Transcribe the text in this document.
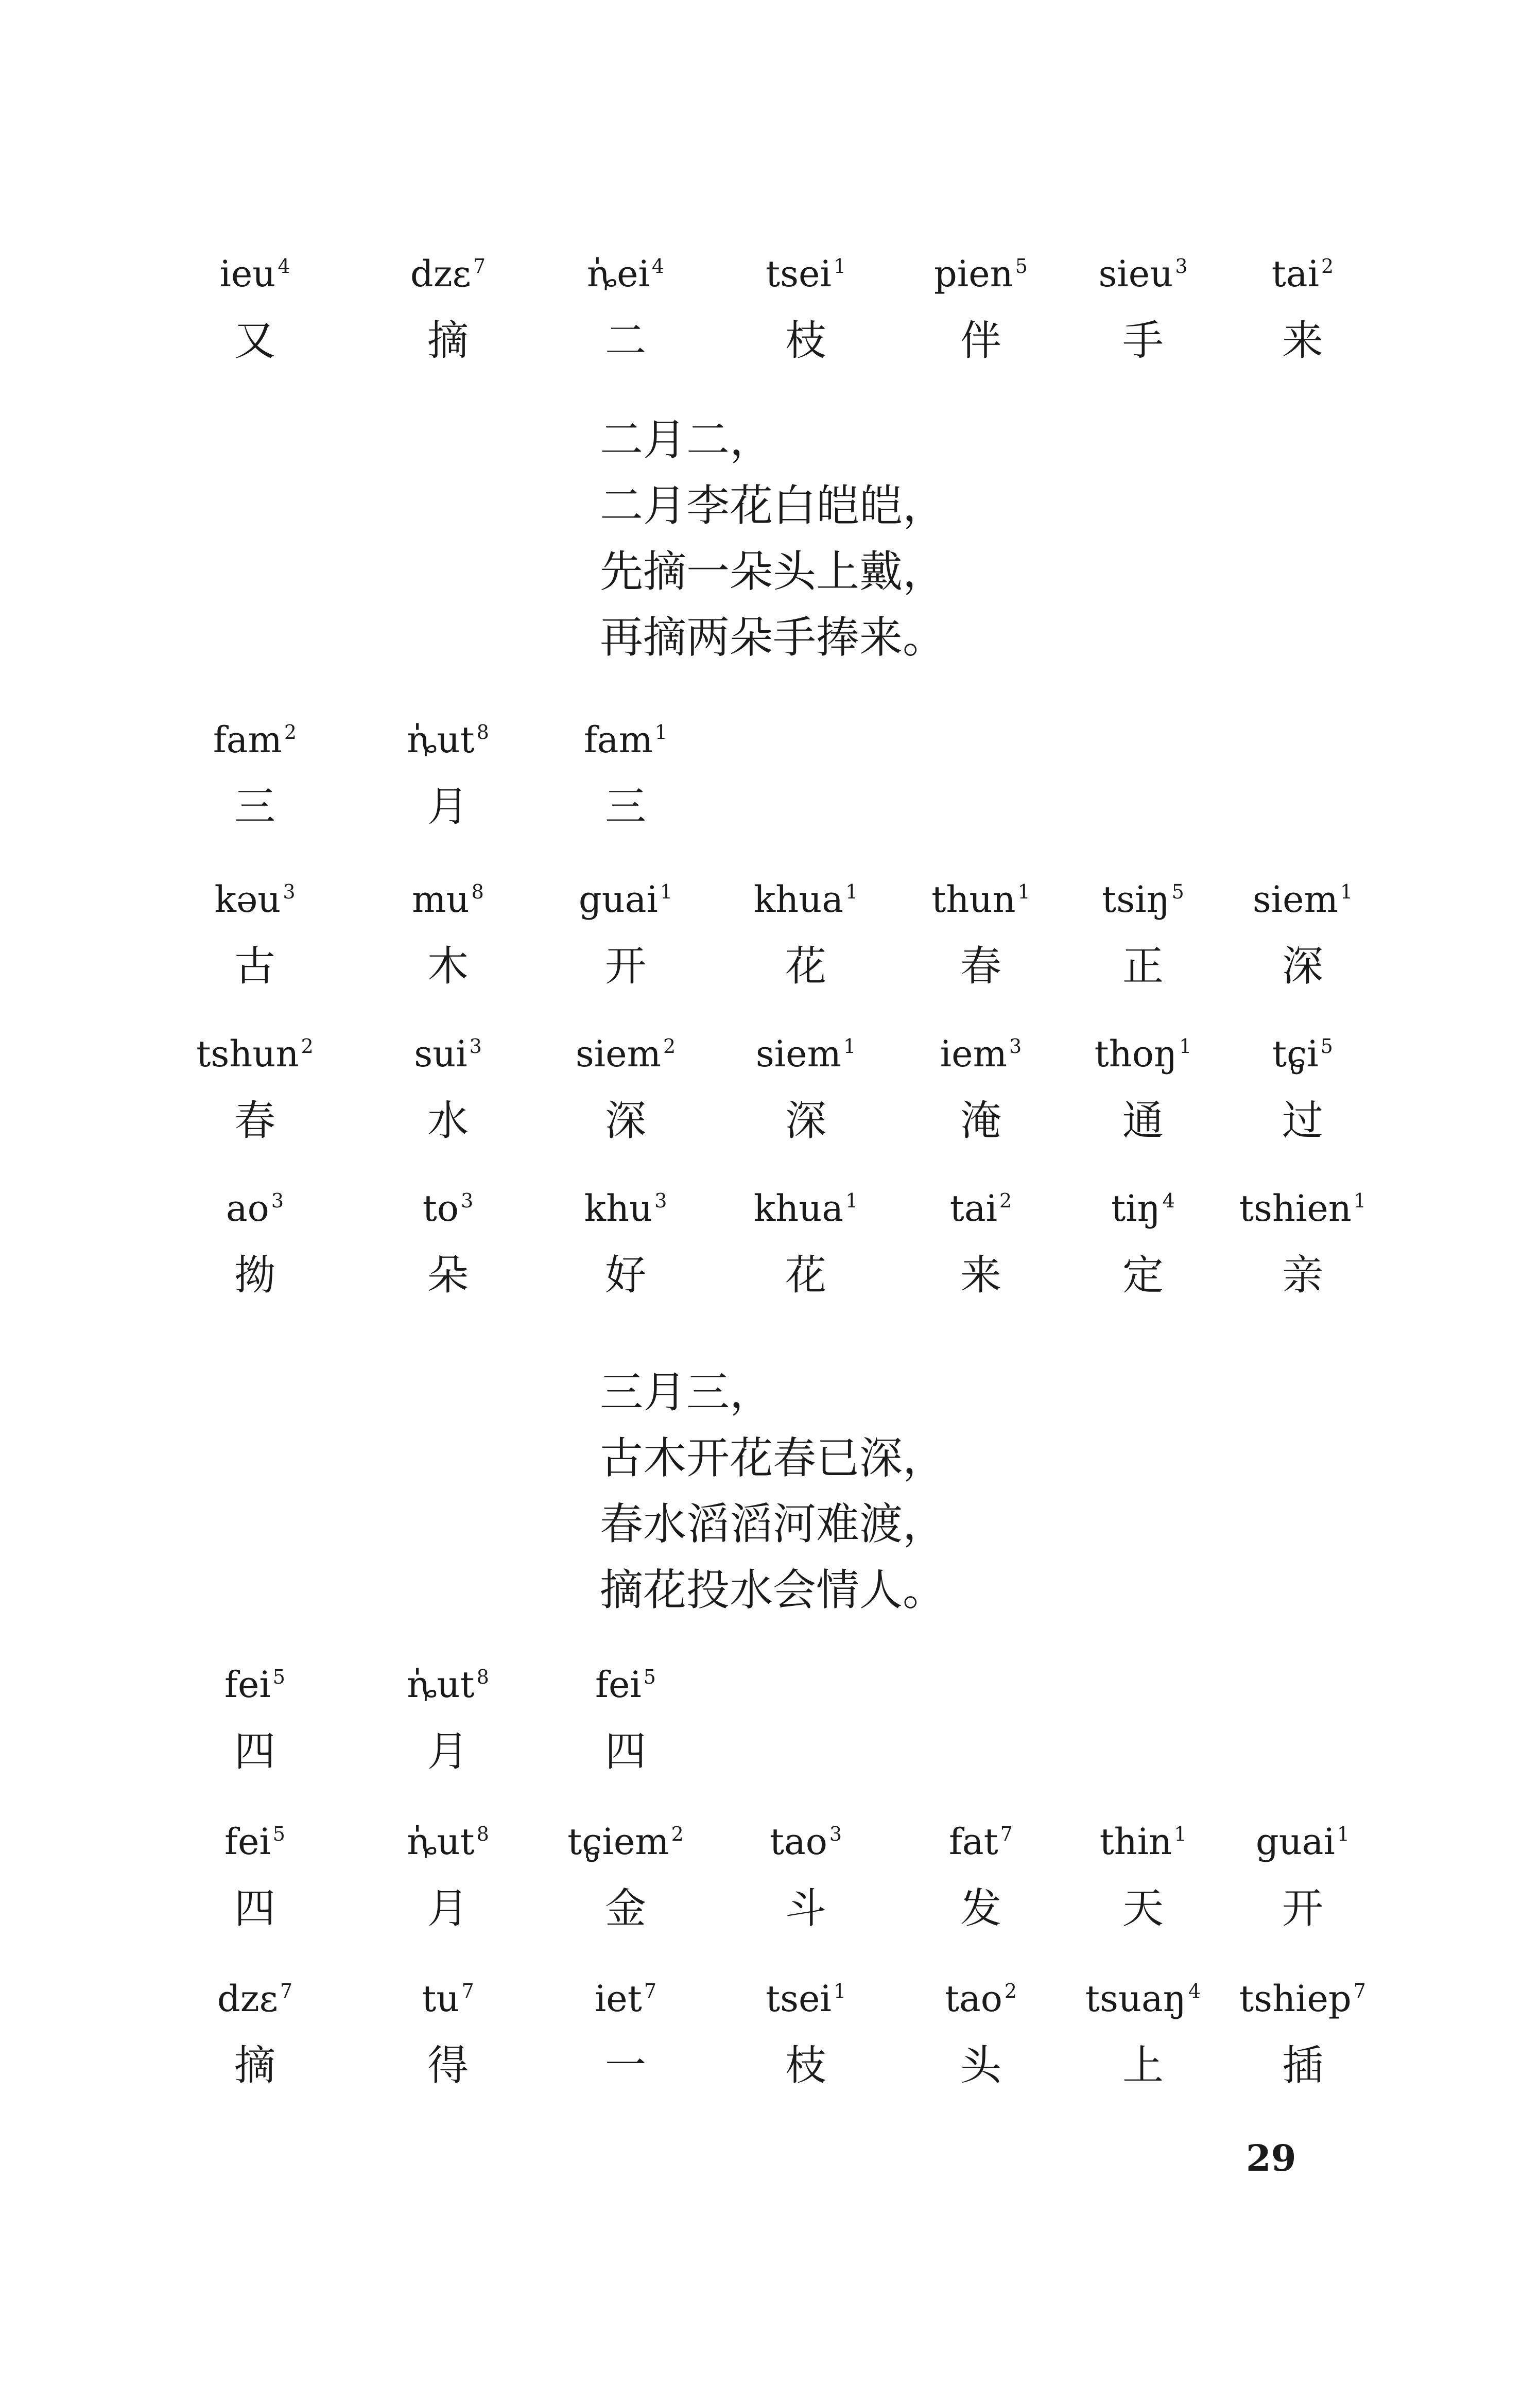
ieu $^4$
又
dzɛ $^7$
摘
ȵ̍ei $^4$
二
tsei $^1$
枝
pien $^5$
伴
sieu $^3$
手
tai $^2$
来
二月二，
二月李花白皑皑，
先摘一朵头上戴，
再摘两朵手捧来。
fam $^2$
三
ȵ̍ut $^8$
月
fam $^1$
三
kəu $^3$
古
mu $^8$
木
guai $^1$
开
khua $^1$
花
thun $^1$
春
tsiŋ $^5$
正
siem $^1$
深
tshun $^2$
春
sui $^3$
水
siem $^2$
深
siem $^1$
深
iem $^3$
淹
thoŋ $^1$
通
tɕ̡i $^5$
过
ao $^3$
拗
to $^3$
朵
khu $^3$
好
khua $^1$
花
tai $^2$
来
tiŋ $^4$
定
tshien $^1$
亲
三月三，
古木开花春已深，
春水滔滔河难渡，
摘花投水会情人。
fei $^5$
四
ȵ̍ut $^8$
月
fei $^5$
四
fei $^5$
四
ȵ̍ut $^8$
月
tɕ̡iem $^2$
金
tao $^3$
斗
fat $^7$
发
thin $^1$
天
guai $^1$
开
dzɛ $^7$
摘
tu $^7$
得
iet $^7$
一
tsei $^1$
枝
tao $^2$
头
tsuaŋ $^4$
上
tshiep $^7$
插
29
